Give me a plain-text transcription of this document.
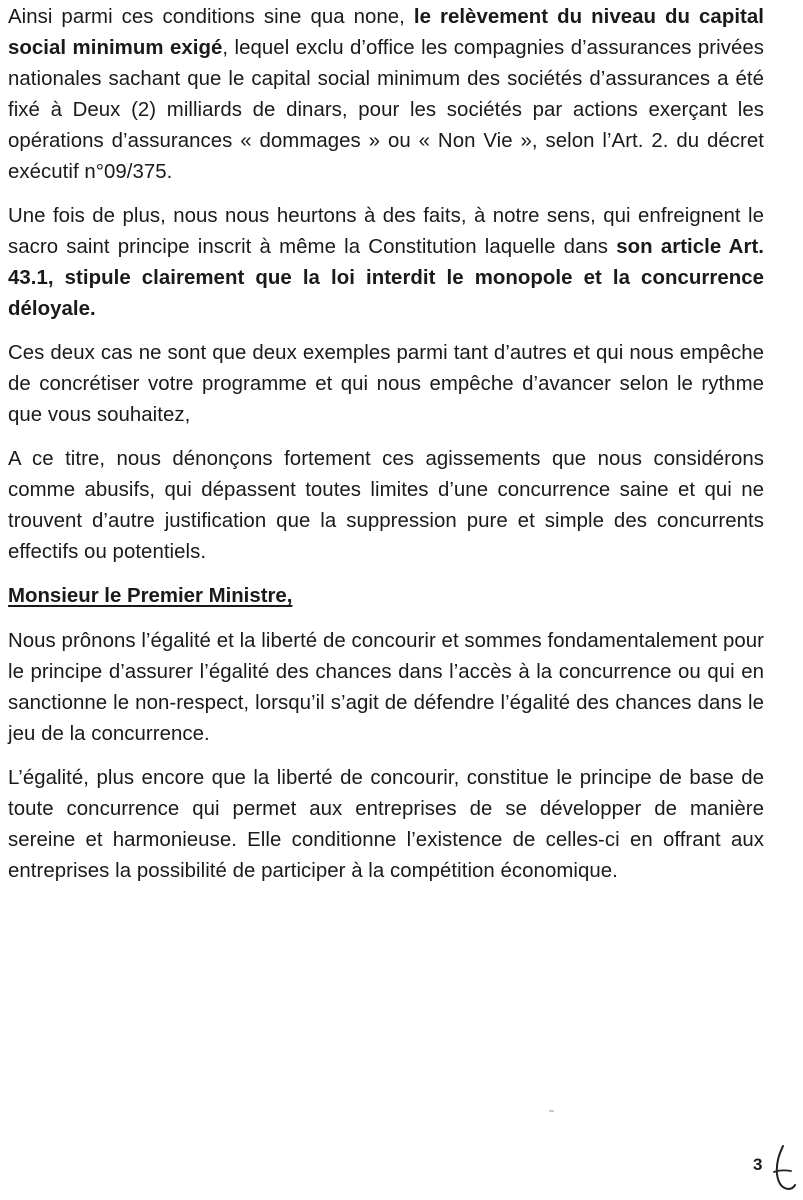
Ainsi parmi ces conditions sine qua none, le relèvement du niveau du capital social minimum exigé, lequel exclu d’office les compagnies d’assurances privées nationales sachant que le capital social minimum des sociétés d’assurances a été fixé à Deux (2) milliards de dinars, pour les sociétés par actions exerçant les opérations d’assurances « dommages » ou « Non Vie », selon l’Art. 2. du décret exécutif n°09/375.

Une fois de plus, nous nous heurtons à des faits, à notre sens, qui enfreignent le sacro saint principe inscrit à même la Constitution laquelle dans son article Art. 43.1, stipule clairement que la loi interdit le monopole et la concurrence déloyale.

Ces deux cas ne sont que deux exemples parmi tant d’autres et qui nous empêche de concrétiser votre programme et qui nous empêche d’avancer selon le rythme que vous souhaitez,

A ce titre, nous dénonçons fortement ces agissements que nous considérons comme abusifs, qui dépassent toutes limites d’une concurrence saine et qui ne trouvent d’autre justification que la suppression pure et simple des concurrents effectifs ou potentiels.

Monsieur le Premier Ministre,

Nous prônons l’égalité et la liberté de concourir et sommes fondamentalement pour le principe d’assurer l’égalité des chances dans l’accès à la concurrence ou qui en sanctionne le non-respect, lorsqu’il s’agit de défendre l’égalité des chances dans le jeu de la concurrence.

L’égalité, plus encore que la liberté de concourir, constitue le principe de base de toute concurrence qui permet aux entreprises de se développer de manière sereine et harmonieuse. Elle conditionne l’existence de celles-ci en offrant aux entreprises la possibilité de participer à la compétition économique.

3
